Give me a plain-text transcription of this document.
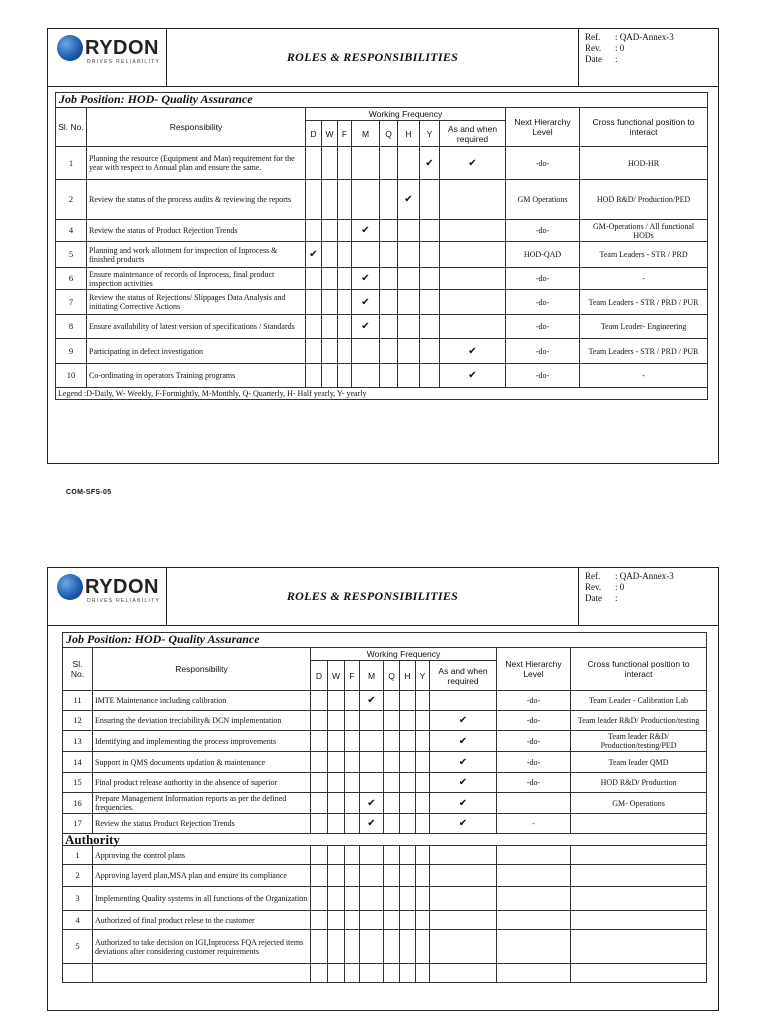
RYDON
DRIVES RELIABILITY	ROLES & RESPONSIBILITIES
Ref. : QAD-Annex-3
Rev. : 0
Date :
Job Position: HOD- Quality Assurance											
Sl. No.	Responsibility	Working Frequency								Next Hierarchy Level	Cross functional position to interact
		D	W	F	M	Q	H	Y	As and when required		
1	Planning the resource (Equipment and Man) requirement for the year with respect to Annual plan and ensure the same.							✔	✔	-do-	HOD-HR
2	Review the status of the process audits & reviewing the reports						✔			GM Operations	HOD R&D/ Production/PED
4	Review the status of Product Rejection Trends				✔					-do-	GM-Operations / All functional HODs
5	Planning and work allotment for inspection of Inprocess & finished products	✔								HOD-QAD	Team Leaders - STR / PRD
6	Ensure maintenance of records of Inprocess, final product inspection activities				✔					-do-	-
7	Review the status of Rejections/ Slippages Data Analysis and initiating Corrective Actions				✔					-do-	Team Leaders - STR / PRD / PUR
8	Ensure availability of latest version of specifications / Standards				✔					-do-	Team Leader- Engineering
9	Participating in defect investigation								✔	-do-	Team Leaders - STR / PRD / PUR
10	Co-ordinating in operators Training programs								✔	-do-	-
Legend :D-Daily, W- Weekly, F-Fortnightly, M-Monthly, Q- Quarterly, H- Half yearly, Y- yearly											
COM-SFS-05
RYDON
DRIVES RELIABILITY	ROLES & RESPONSIBILITIES
Ref. : QAD-Annex-3
Rev. : 0
Date :
Job Position: HOD- Quality Assurance											
Sl. No.	Responsibility	Working Frequency								Next Hierarchy Level	Cross functional position to interact
		D	W	F	M	Q	H	Y	As and when required		
11	IMTE Maintenance including calibration				✔					-do-	Team Leader - Calibration Lab
12	Ensuring the deviation treciability& DCN implementation								✔	-do-	Team leader R&D/ Production/testing
13	Identifying and implementing the process improvements								✔	-do-	Team leader R&D/ Production/testing/PED
14	Support in QMS documents updation & maintenance								✔	-do-	Team leader QMD
15	Final product release authority in the absence of superior								✔	-do-	HOD R&D/ Production
16	Prepare Management Information reports as per the defined frequencies.				✔				✔		GM- Operations
17	Review the status Product Rejection Trends				✔				✔	-	
Authority											
1	Approving the control plans										
2	Approving layerd plan,MSA plan and ensure its compliance										
3	Implementing Quality systems in all functions of the Organization										
4	Authorized of final product relese to the customer										
5	Authorized to take decision on IGI,Inprocess FQA rejected items deviations after considering customer requirements										
